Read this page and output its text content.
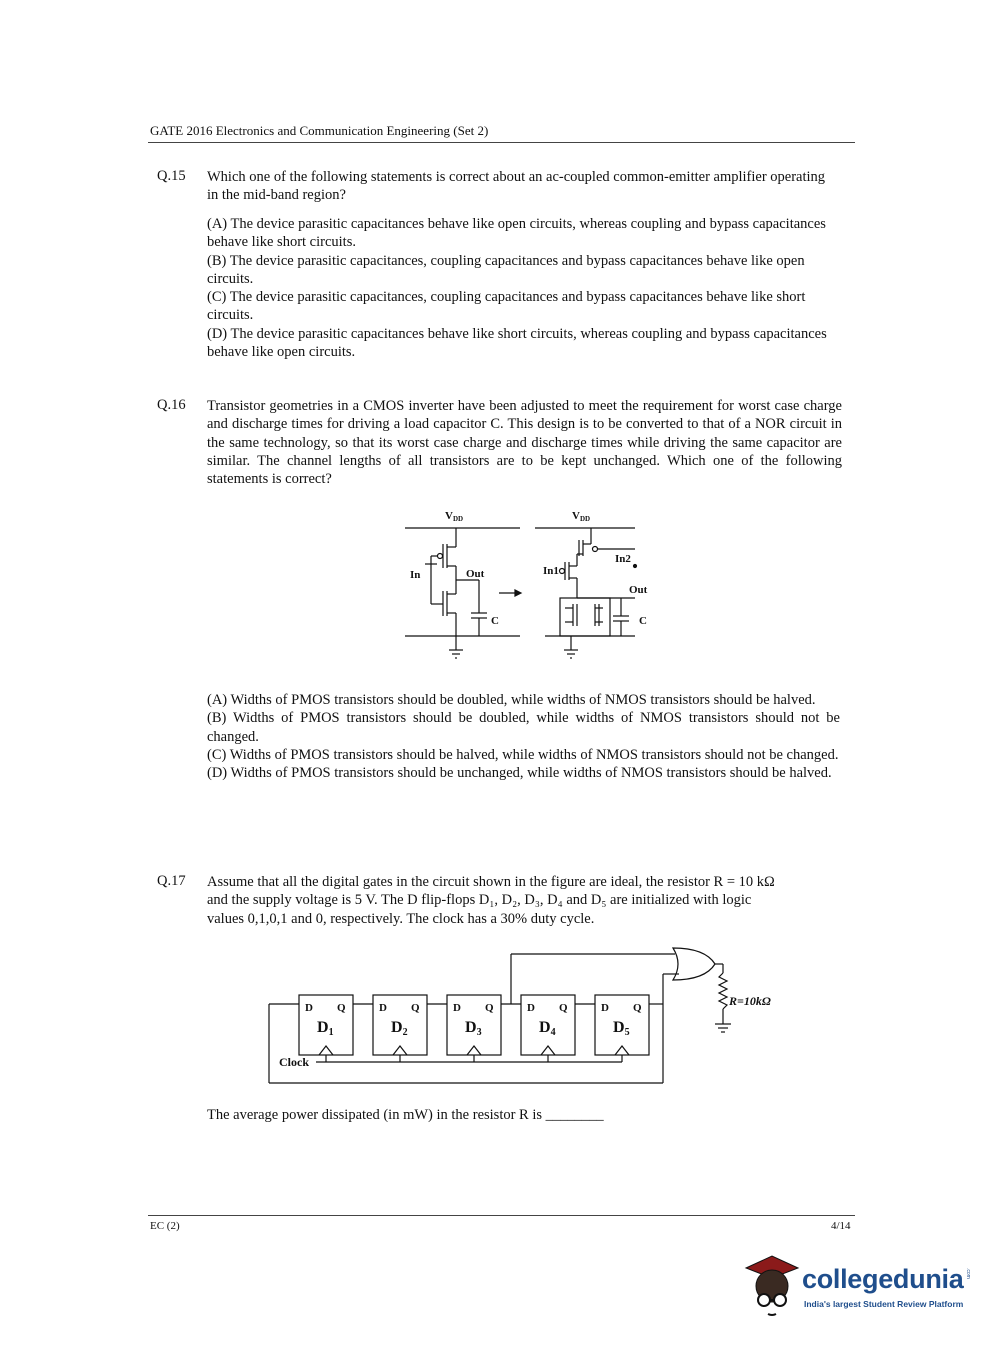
GATE 2016 Electronics and Communication Engineering (Set 2)
Q.15 Which one of the following statements is correct about an ac-coupled common-emitter amplifier operating in the mid-band region?
(A) The device parasitic capacitances behave like open circuits, whereas coupling and bypass capacitances behave like short circuits.
(B) The device parasitic capacitances, coupling capacitances and bypass capacitances behave like open circuits.
(C) The device parasitic capacitances, coupling capacitances and bypass capacitances behave like short circuits.
(D) The device parasitic capacitances behave like short circuits, whereas coupling and bypass capacitances behave like open circuits.
Q.16 Transistor geometries in a CMOS inverter have been adjusted to meet the requirement for worst case charge and discharge times for driving a load capacitor C. This design is to be converted to that of a NOR circuit in the same technology, so that its worst case charge and discharge times while driving the same capacitor are similar. The channel lengths of all transistors are to be kept unchanged. Which one of the following statements is correct?
VDD
Out
In
C
VDD
In1
In2
Out
C
(A) Widths of PMOS transistors should be doubled, while widths of NMOS transistors should be halved.
(B) Widths of PMOS transistors should be doubled, while widths of NMOS transistors should not be changed.
(C) Widths of PMOS transistors should be halved, while widths of NMOS transistors should not be changed.
(D) Widths of PMOS transistors should be unchanged, while widths of NMOS transistors should be halved.
Q.17 Assume that all the digital gates in the circuit shown in the figure are ideal, the resistor R = 10 kΩ
and the supply voltage is 5 V. The D flip-flops D₁, D₂, D₃, D₄ and D₅ are initialized with logic
values 0,1,0,1 and 0, respectively. The clock has a 30% duty cycle.
D Q
D1
D Q
D2
D Q
D3
D Q
D4
D Q
D5
R=10kΩ
Clock
The average power dissipated (in mW) in the resistor R is ________
EC (2)	4/14
collegedunia .com
India's largest Student Review Platform
